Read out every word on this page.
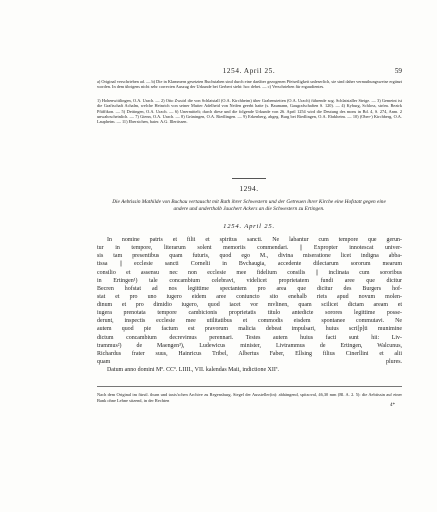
1254. April 25.	59
a) Original verschrieben ad. — b) Die in Klammern gesetzten Buchstaben sind durch eine darüber gezogenen Pfeiseiligkeit unleserlich, sie sind daher vermuthungsweise ergänzt worden. In dem übrigens nicht sehr correcten Auszug der Urkunde bei Gerbert steht: hoc debet. — c) Verschrieben für ergaudientes.
1) Hohenwittlingen, O.A. Urach. — 2) Otto Zwuirl die von Schlatstall (O.A. Kirchheim) über Grabenstetten (O.A. Urach) führende sog. Schlatstaller Steige. — 3) Gemeint ist die Graftschaft Achalm, welche Heinrich von seiner Mutter Adelheid von Neifen geerbt hatte (s. Baumann, Gaugrafschaften S. 120). — 4) Kyburg, Schloss, ström. Bezirk Pfäffikon. — 5) Dettingen, O.A. Urach. — 6) Unermittelt; durch diese und die folgende Urkunde von 26. April 1254 wird die Deutung des mons in Bd. 4, S. 274, Anm. 2 unwahrscheinlich. — 7) Gienn, O.A. Urach. — 8) Grüningen, O.A. Riedlingen. — 9) Erkenberg, abgeg. Burg bei Riedlingen, O.A. Ebrkheim. — 10) (Ober-) Kirchberg, O.A. Laupheim. — 11) Ebersichen, baier. A.G. Illertissen.
1294.
Die Aebtissin Mathilde von Buchau vertauscht mit Rath ihrer Schwestern und der Getreuen ihrer Kirche eine Hofstatt gegen eine andere und anderthalb Jauchert Ackers an die Schwestern zu Ertingen.
1254. April 25.
In nomine patris et filii et spiritus sancti. Ne labantur cum tempore que gerun-
tur in tempore, literarum solent memoriis commendari. || Expropter innotescat univer-
sis tam presentibus quam futuris, quod ego M., divina miseratione licet indigna abba-
tissa || ecclesie sancti Cornelii in Bvchaugia, accedente dilectarum sororum mearum
consilio et assensu nec non ecclesie mee fidelium consilis || inclinata cum sororibus
in Ertingen¹) tale concambium celebravi, videlicet proprietatem fundi aree que dicitur
Becren hofstat ad nos legittime spectantem pro area que dicitur des Burgers hof-
stat et pro uno iugero eidem aree coniuncto sito enehalb riets apud novum molen-
dinum et pro dimidio iugero, quod iacet vor mvlinen, quam scilicet dictam aream et
iugera prenotata tempore cambicionis proprietatis titulo antedicte sorores legittime posse-
derunt, inspectis ecclesie mee utilitatibus et commodis eisdem spontanee commutavi. Ne
autem quod pie factum est pravorum malicia debeat impulsari, huius scri[p]ti munimine
dictum concambium decrevimus perennari. Testes autem huius facti sunt hii: Liv-
trammus²) de Maengen³), Ludewicus minister, Livtrammus de Ertingen, Walcunus,
Richardus frater suus, Hainricus Tribel, Albertus Faber, Ellsing filius Cinerllini et alii
quam plures.
Datum anno domini Mº. CCº. LIIII., VII. kalendas Maii, indictione XIIª.
Nach dem Original im fürstl. thurn und taxis'schen Archive zu Regensburg. Siegel der Aussteller(in): abhängend, spitzoval, 46,30 mm (Bl. A. 2. 5): die Aebtissin auf einer Bank ohne Lehne sitzend, in der Rechten
4*
